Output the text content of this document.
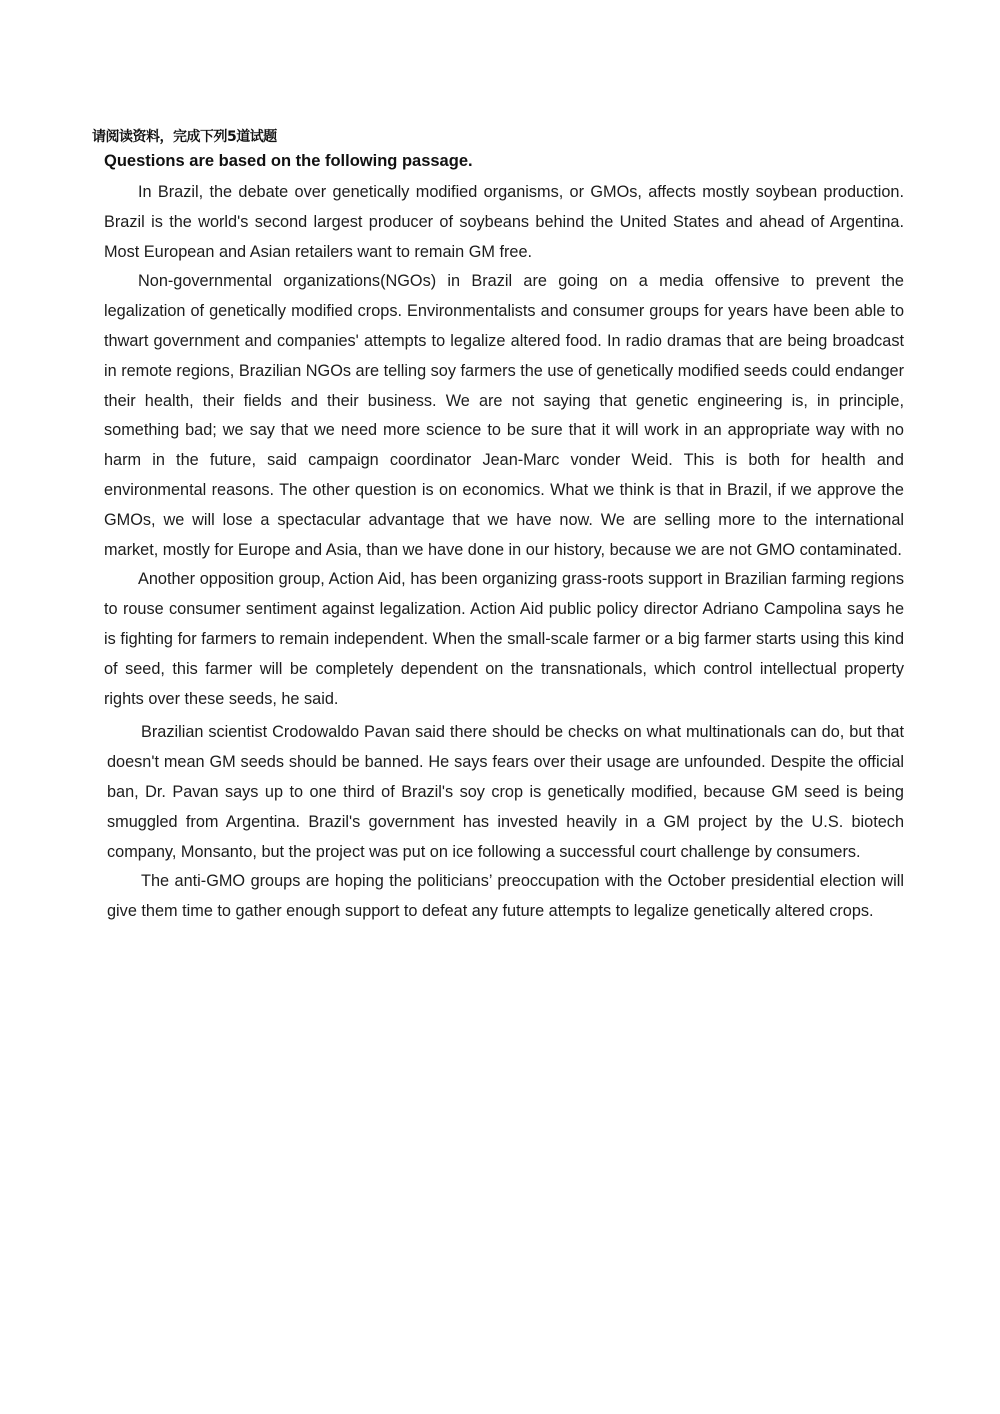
请阅读资料，完成下列5道试题
Questions are based on the following passage.

In Brazil, the debate over genetically modified organisms, or GMOs, affects mostly soybean production. Brazil is the world's second largest producer of soybeans behind the United States and ahead of Argentina. Most European and Asian retailers want to remain GM free.

Non-governmental organizations(NGOs) in Brazil are going on a media offensive to prevent the legalization of genetically modified crops. Environmentalists and consumer groups for years have been able to thwart government and companies' attempts to legalize altered food. In radio dramas that are being broadcast in remote regions, Brazilian NGOs are telling soy farmers the use of genetically modified seeds could endanger their health, their fields and their business. We are not saying that genetic engineering is, in principle, something bad; we say that we need more science to be sure that it will work in an appropriate way with no harm in the future, said campaign coordinator Jean-Marc vonder Weid. This is both for health and environmental reasons. The other question is on economics. What we think is that in Brazil, if we approve the GMOs, we will lose a spectacular advantage that we have now. We are selling more to the international market, mostly for Europe and Asia, than we have done in our history, because we are not GMO contaminated.

Another opposition group, Action Aid, has been organizing grass-roots support in Brazilian farming regions to rouse consumer sentiment against legalization. Action Aid public policy director Adriano Campolina says he is fighting for farmers to remain independent. When the small-scale farmer or a big farmer starts using this kind of seed, this farmer will be completely dependent on the transnationals, which control intellectual property rights over these seeds, he said.

Brazilian scientist Crodowaldo Pavan said there should be checks on what multinationals can do, but that doesn't mean GM seeds should be banned. He says fears over their usage are unfounded. Despite the official ban, Dr. Pavan says up to one third of Brazil's soy crop is genetically modified, because GM seed is being smuggled from Argentina. Brazil's government has invested heavily in a GM project by the U.S. biotech company, Monsanto, but the project was put on ice following a successful court challenge by consumers.

The anti-GMO groups are hoping the politicians’ preoccupation with the October presidential election will give them time to gather enough support to defeat any future attempts to legalize genetically altered crops.
